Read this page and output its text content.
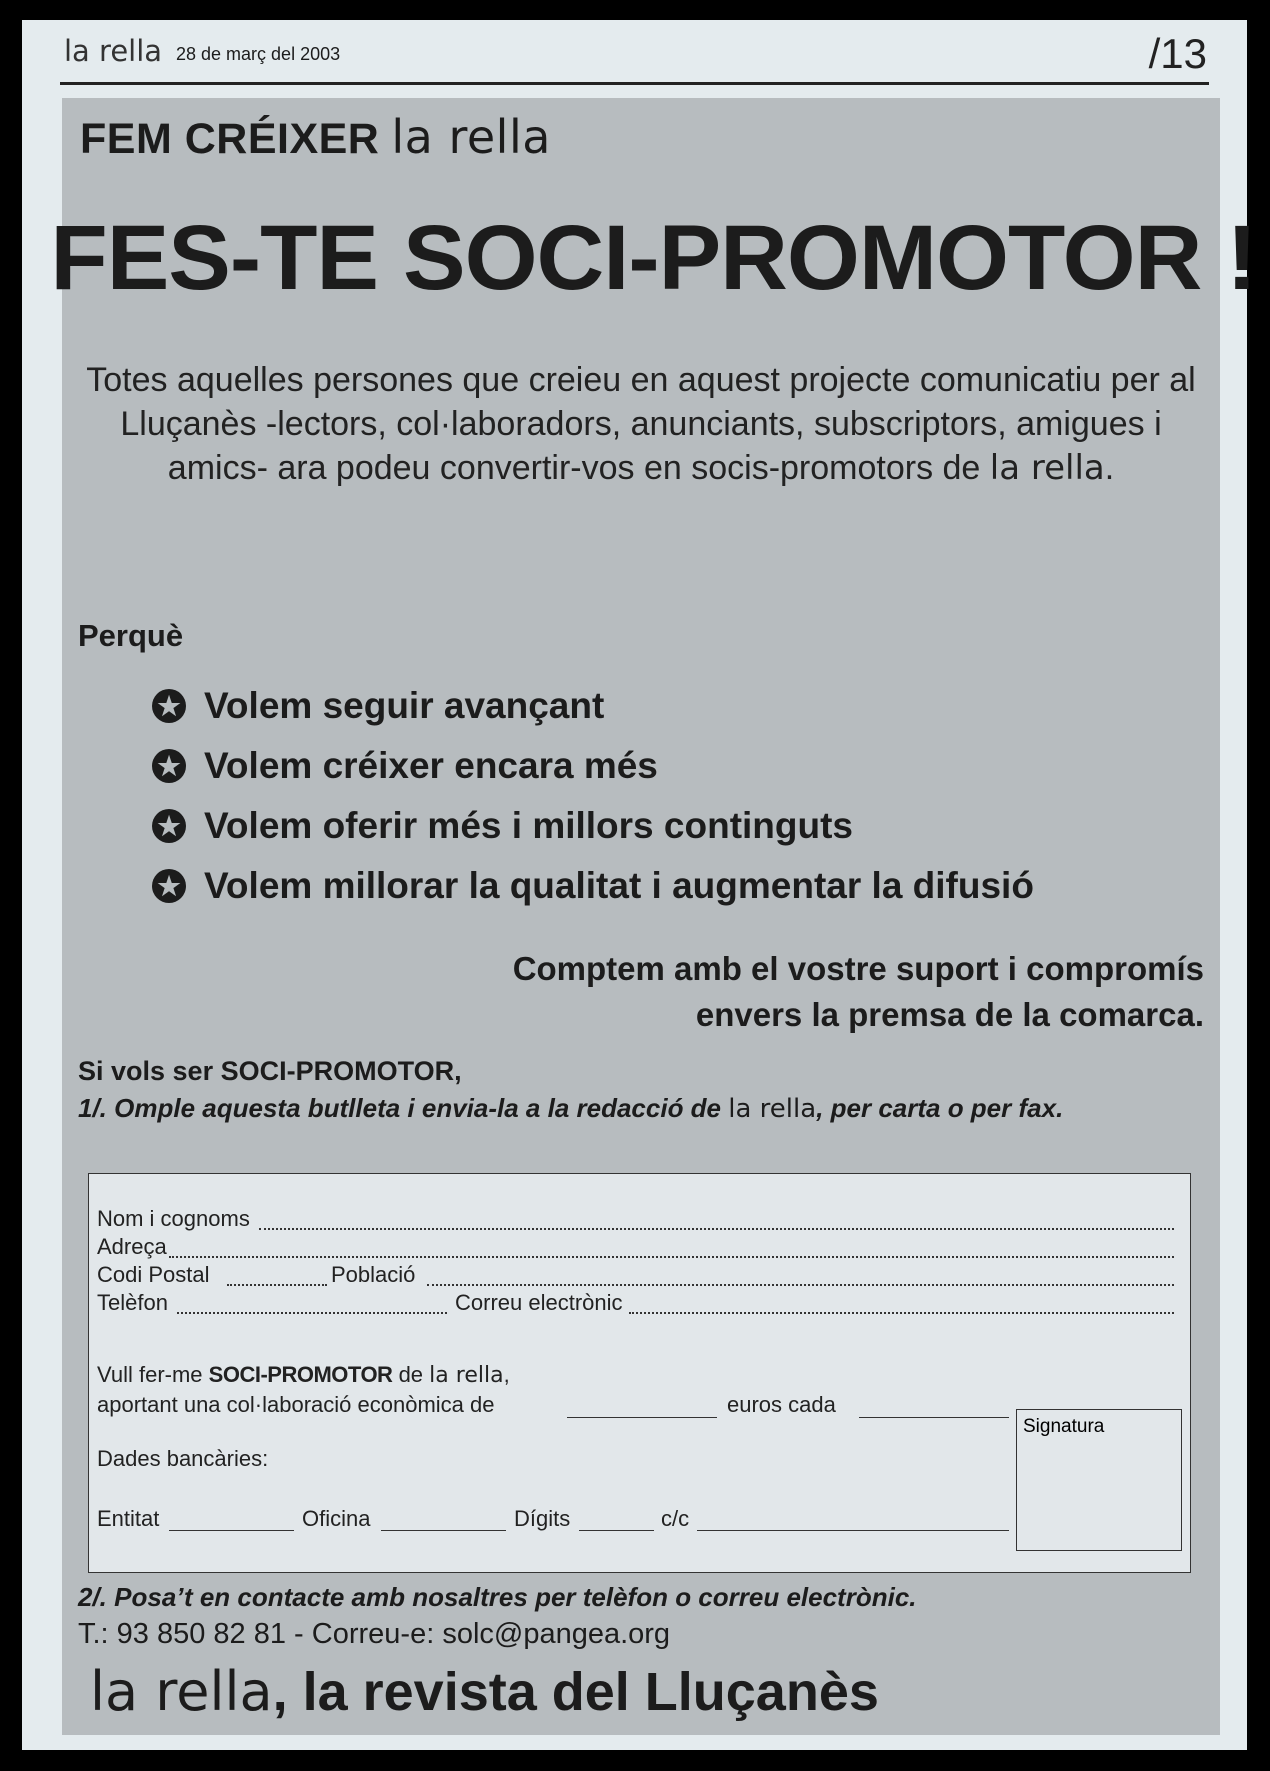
la rella 28 de març del 2003	/13
FEM CRÉIXER la rella
FES-TE SOCI-PROMOTOR !
Totes aquelles persones que creieu en aquest projecte comunicatiu per al Lluçanès -lectors, col·laboradors, anunciants, subscriptors, amigues i amics- ara podeu convertir-vos en socis-promotors de la rella.
Perquè
★ Volem seguir avançant
★ Volem créixer encara més
★ Volem oferir més i millors continguts
★ Volem millorar la qualitat i augmentar la difusió
Comptem amb el vostre suport i compromís
envers la premsa de la comarca.
Si vols ser SOCI-PROMOTOR,
1/. Omple aquesta butlleta i envia-la a la redacció de la rella, per carta o per fax.
Nom i cognoms
Adreça
Codi Postal	Població
Telèfon	Correu electrònic
Vull fer-me SOCI-PROMOTOR de la rella,
aportant una col·laboració econòmica de	euros cada
Dades bancàries:
Entitat	Oficina	Dígits	c/c
Signatura
2/. Posa’t en contacte amb nosaltres per telèfon o correu electrònic.
T.: 93 850 82 81 - Correu-e: solc@pangea.org
la rella, la revista del Lluçanès
